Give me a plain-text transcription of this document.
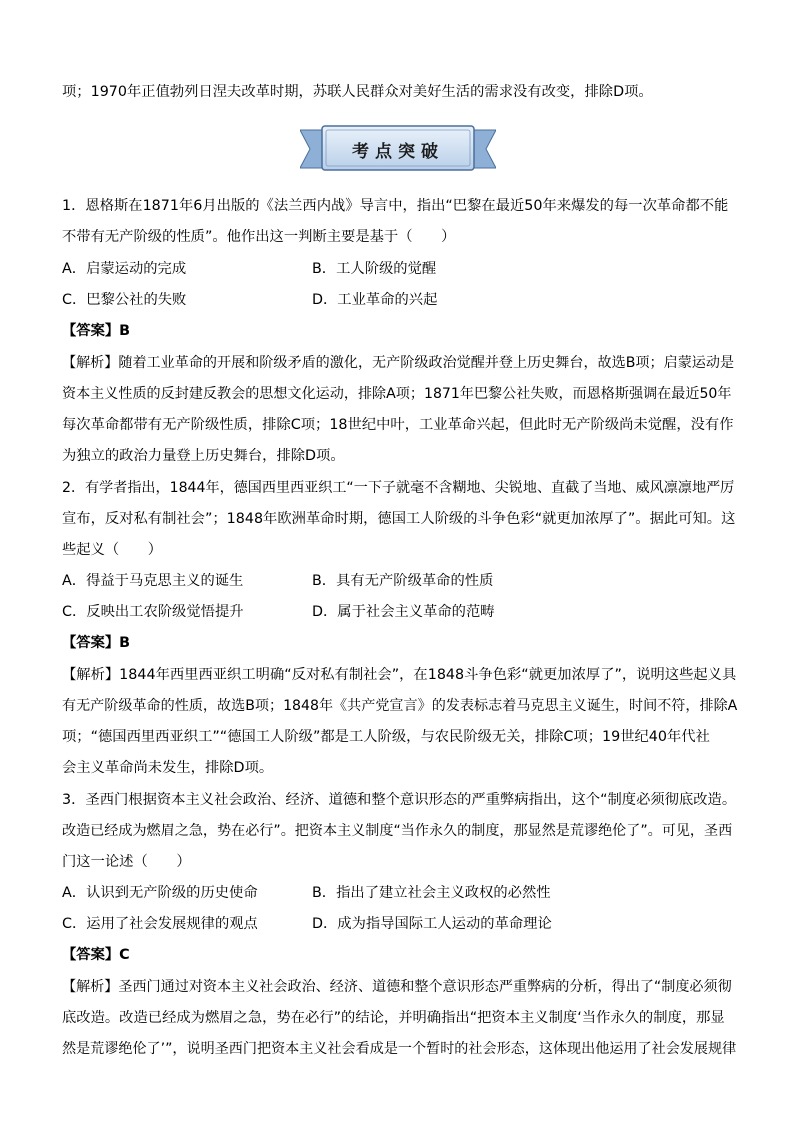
项；1970年正值勃列日涅夫改革时期，苏联人民群众对美好生活的需求没有改变，排除D项。
考点突破
1．恩格斯在1871年6月出版的《法兰西内战》导言中，指出“巴黎在最近50年来爆发的每一次革命都不能
不带有无产阶级的性质”。他作出这一判断主要是基于（　　）
A．启蒙运动的完成	B．工人阶级的觉醒
C．巴黎公社的失败	D．工业革命的兴起
【答案】B
【解析】随着工业革命的开展和阶级矛盾的激化，无产阶级政治觉醒并登上历史舞台，故选B项；启蒙运动是
资本主义性质的反封建反教会的思想文化运动，排除A项；1871年巴黎公社失败，而恩格斯强调在最近50年
每次革命都带有无产阶级性质，排除C项；18世纪中叶，工业革命兴起，但此时无产阶级尚未觉醒，没有作
为独立的政治力量登上历史舞台，排除D项。
2．有学者指出，1844年，德国西里西亚织工“一下子就毫不含糊地、尖锐地、直截了当地、威风凛凛地严厉
宣布，反对私有制社会”；1848年欧洲革命时期，德国工人阶级的斗争色彩“就更加浓厚了”。据此可知。这
些起义（　　）
A．得益于马克思主义的诞生	B．具有无产阶级革命的性质
C．反映出工农阶级觉悟提升	D．属于社会主义革命的范畴
【答案】B
【解析】1844年西里西亚织工明确“反对私有制社会”，在1848斗争色彩“就更加浓厚了”，说明这些起义具
有无产阶级革命的性质，故选B项；1848年《共产党宣言》的发表标志着马克思主义诞生，时间不符，排除A
项；“德国西里西亚织工”“德国工人阶级”都是工人阶级，与农民阶级无关，排除C项；19世纪40年代社
会主义革命尚未发生，排除D项。
3．圣西门根据资本主义社会政治、经济、道德和整个意识形态的严重弊病指出，这个“制度必须彻底改造。
改造已经成为燃眉之急，势在必行”。把资本主义制度“当作永久的制度，那显然是荒谬绝伦了”。可见，圣西
门这一论述（　　）
A．认识到无产阶级的历史使命	B．指出了建立社会主义政权的必然性
C．运用了社会发展规律的观点	D．成为指导国际工人运动的革命理论
【答案】C
【解析】圣西门通过对资本主义社会政治、经济、道德和整个意识形态严重弊病的分析，得出了“制度必须彻
底改造。改造已经成为燃眉之急，势在必行”的结论，并明确指出“把资本主义制度‘当作永久的制度，那显
然是荒谬绝伦了’”，说明圣西门把资本主义社会看成是一个暂时的社会形态，这体现出他运用了社会发展规律
